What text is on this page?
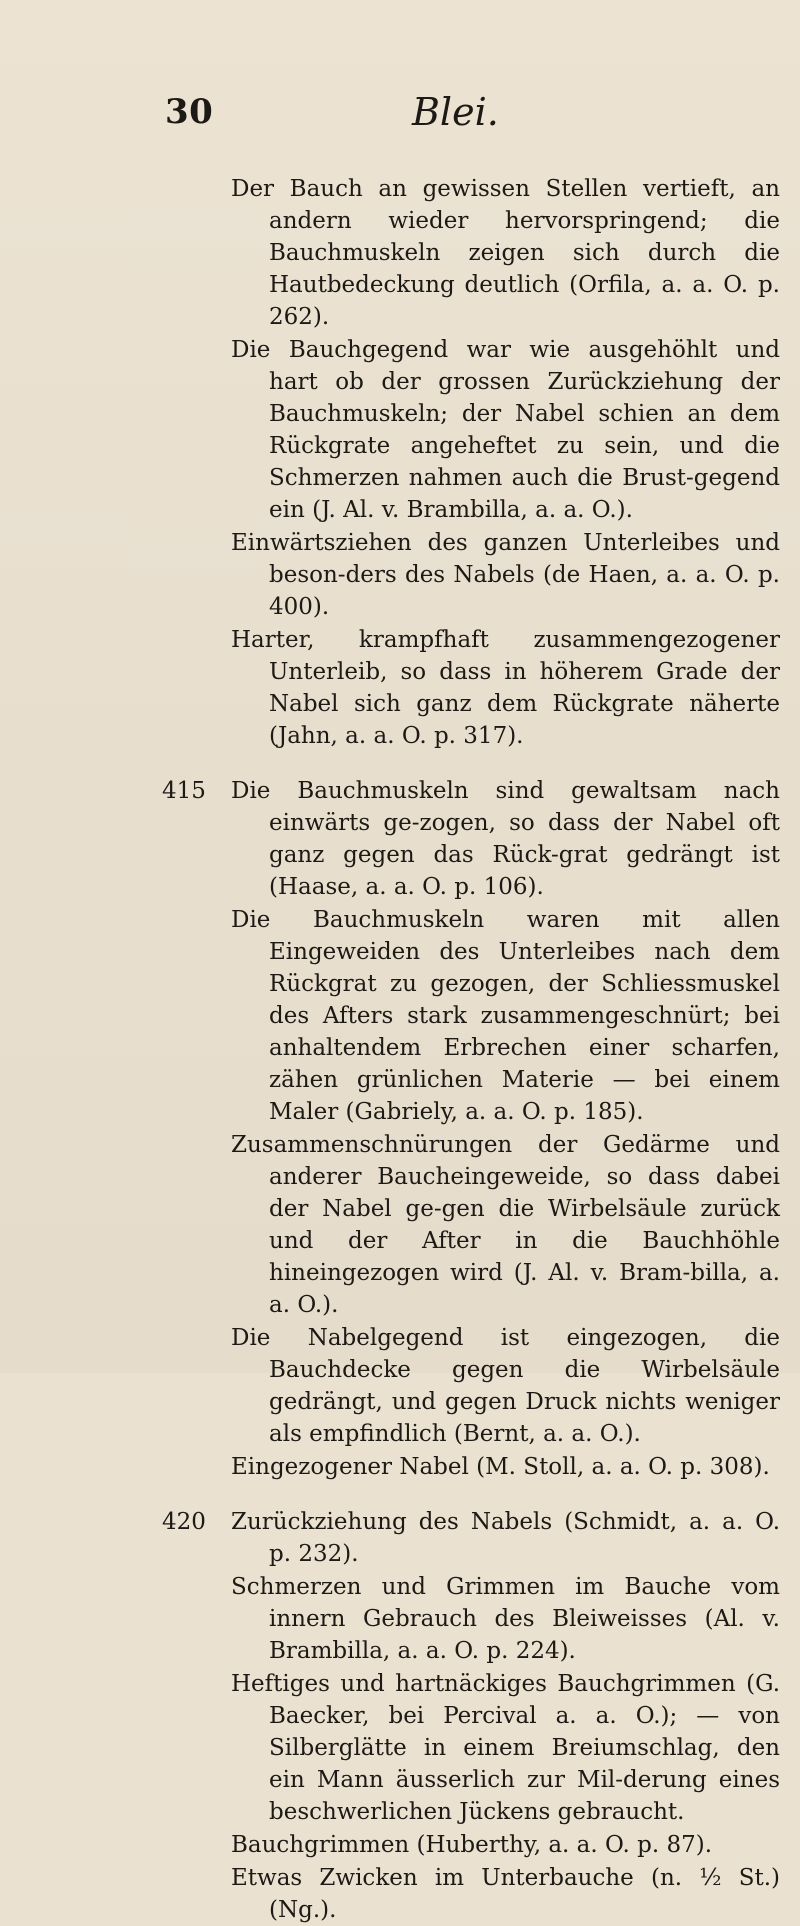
30	Blei.

Der Bauch an gewissen Stellen vertieft, an andern wieder hervorspringend; die Bauchmuskeln zeigen sich durch die Hautbedeckung deutlich (Orfila, a. a. O. p. 262).

Die Bauchgegend war wie ausgehöhlt und hart ob der grossen Zurückziehung der Bauchmuskeln; der Nabel schien an dem Rückgrate angeheftet zu sein, und die Schmerzen nahmen auch die Brust-gegend ein (J. Al. v. Brambilla, a. a. O.).

Einwärtsziehen des ganzen Unterleibes und beson-ders des Nabels (de Haen, a. a. O. p. 400).

Harter, krampfhaft zusammengezogener Unterleib, so dass in höherem Grade der Nabel sich ganz dem Rückgrate näherte (Jahn, a. a. O. p. 317).

415	Die Bauchmuskeln sind gewaltsam nach einwärts ge-zogen, so dass der Nabel oft ganz gegen das Rück-grat gedrängt ist (Haase, a. a. O. p. 106).

Die Bauchmuskeln waren mit allen Eingeweiden des Unterleibes nach dem Rückgrat zu gezogen, der Schliessmuskel des Afters stark zusammengeschnürt; bei anhaltendem Erbrechen einer scharfen, zähen grünlichen Materie — bei einem Maler (Gabriely, a. a. O. p. 185).

Zusammenschnürungen der Gedärme und anderer Baucheingeweide, so dass dabei der Nabel ge-gen die Wirbelsäule zurück und der After in die Bauchhöhle hineingezogen wird (J. Al. v. Bram-billa, a. a. O.).

Die Nabelgegend ist eingezogen, die Bauchdecke gegen die Wirbelsäule gedrängt, und gegen Druck nichts weniger als empfindlich (Bernt, a. a. O.).

Eingezogener Nabel (M. Stoll, a. a. O. p. 308).

420	Zurückziehung des Nabels (Schmidt, a. a. O. p. 232).

Schmerzen und Grimmen im Bauche vom innern Gebrauch des Bleiweisses (Al. v. Brambilla, a. a. O. p. 224).

Heftiges und hartnäckiges Bauchgrimmen (G. Baecker, bei Percival a. a. O.); — von Silberglätte in einem Breiumschlag, den ein Mann äusserlich zur Mil-derung eines beschwerlichen Jückens gebraucht.

Bauchgrimmen (Huberthy, a. a. O. p. 87).

Etwas Zwicken im Unterbauche (n. ½ St.) (Ng.).
